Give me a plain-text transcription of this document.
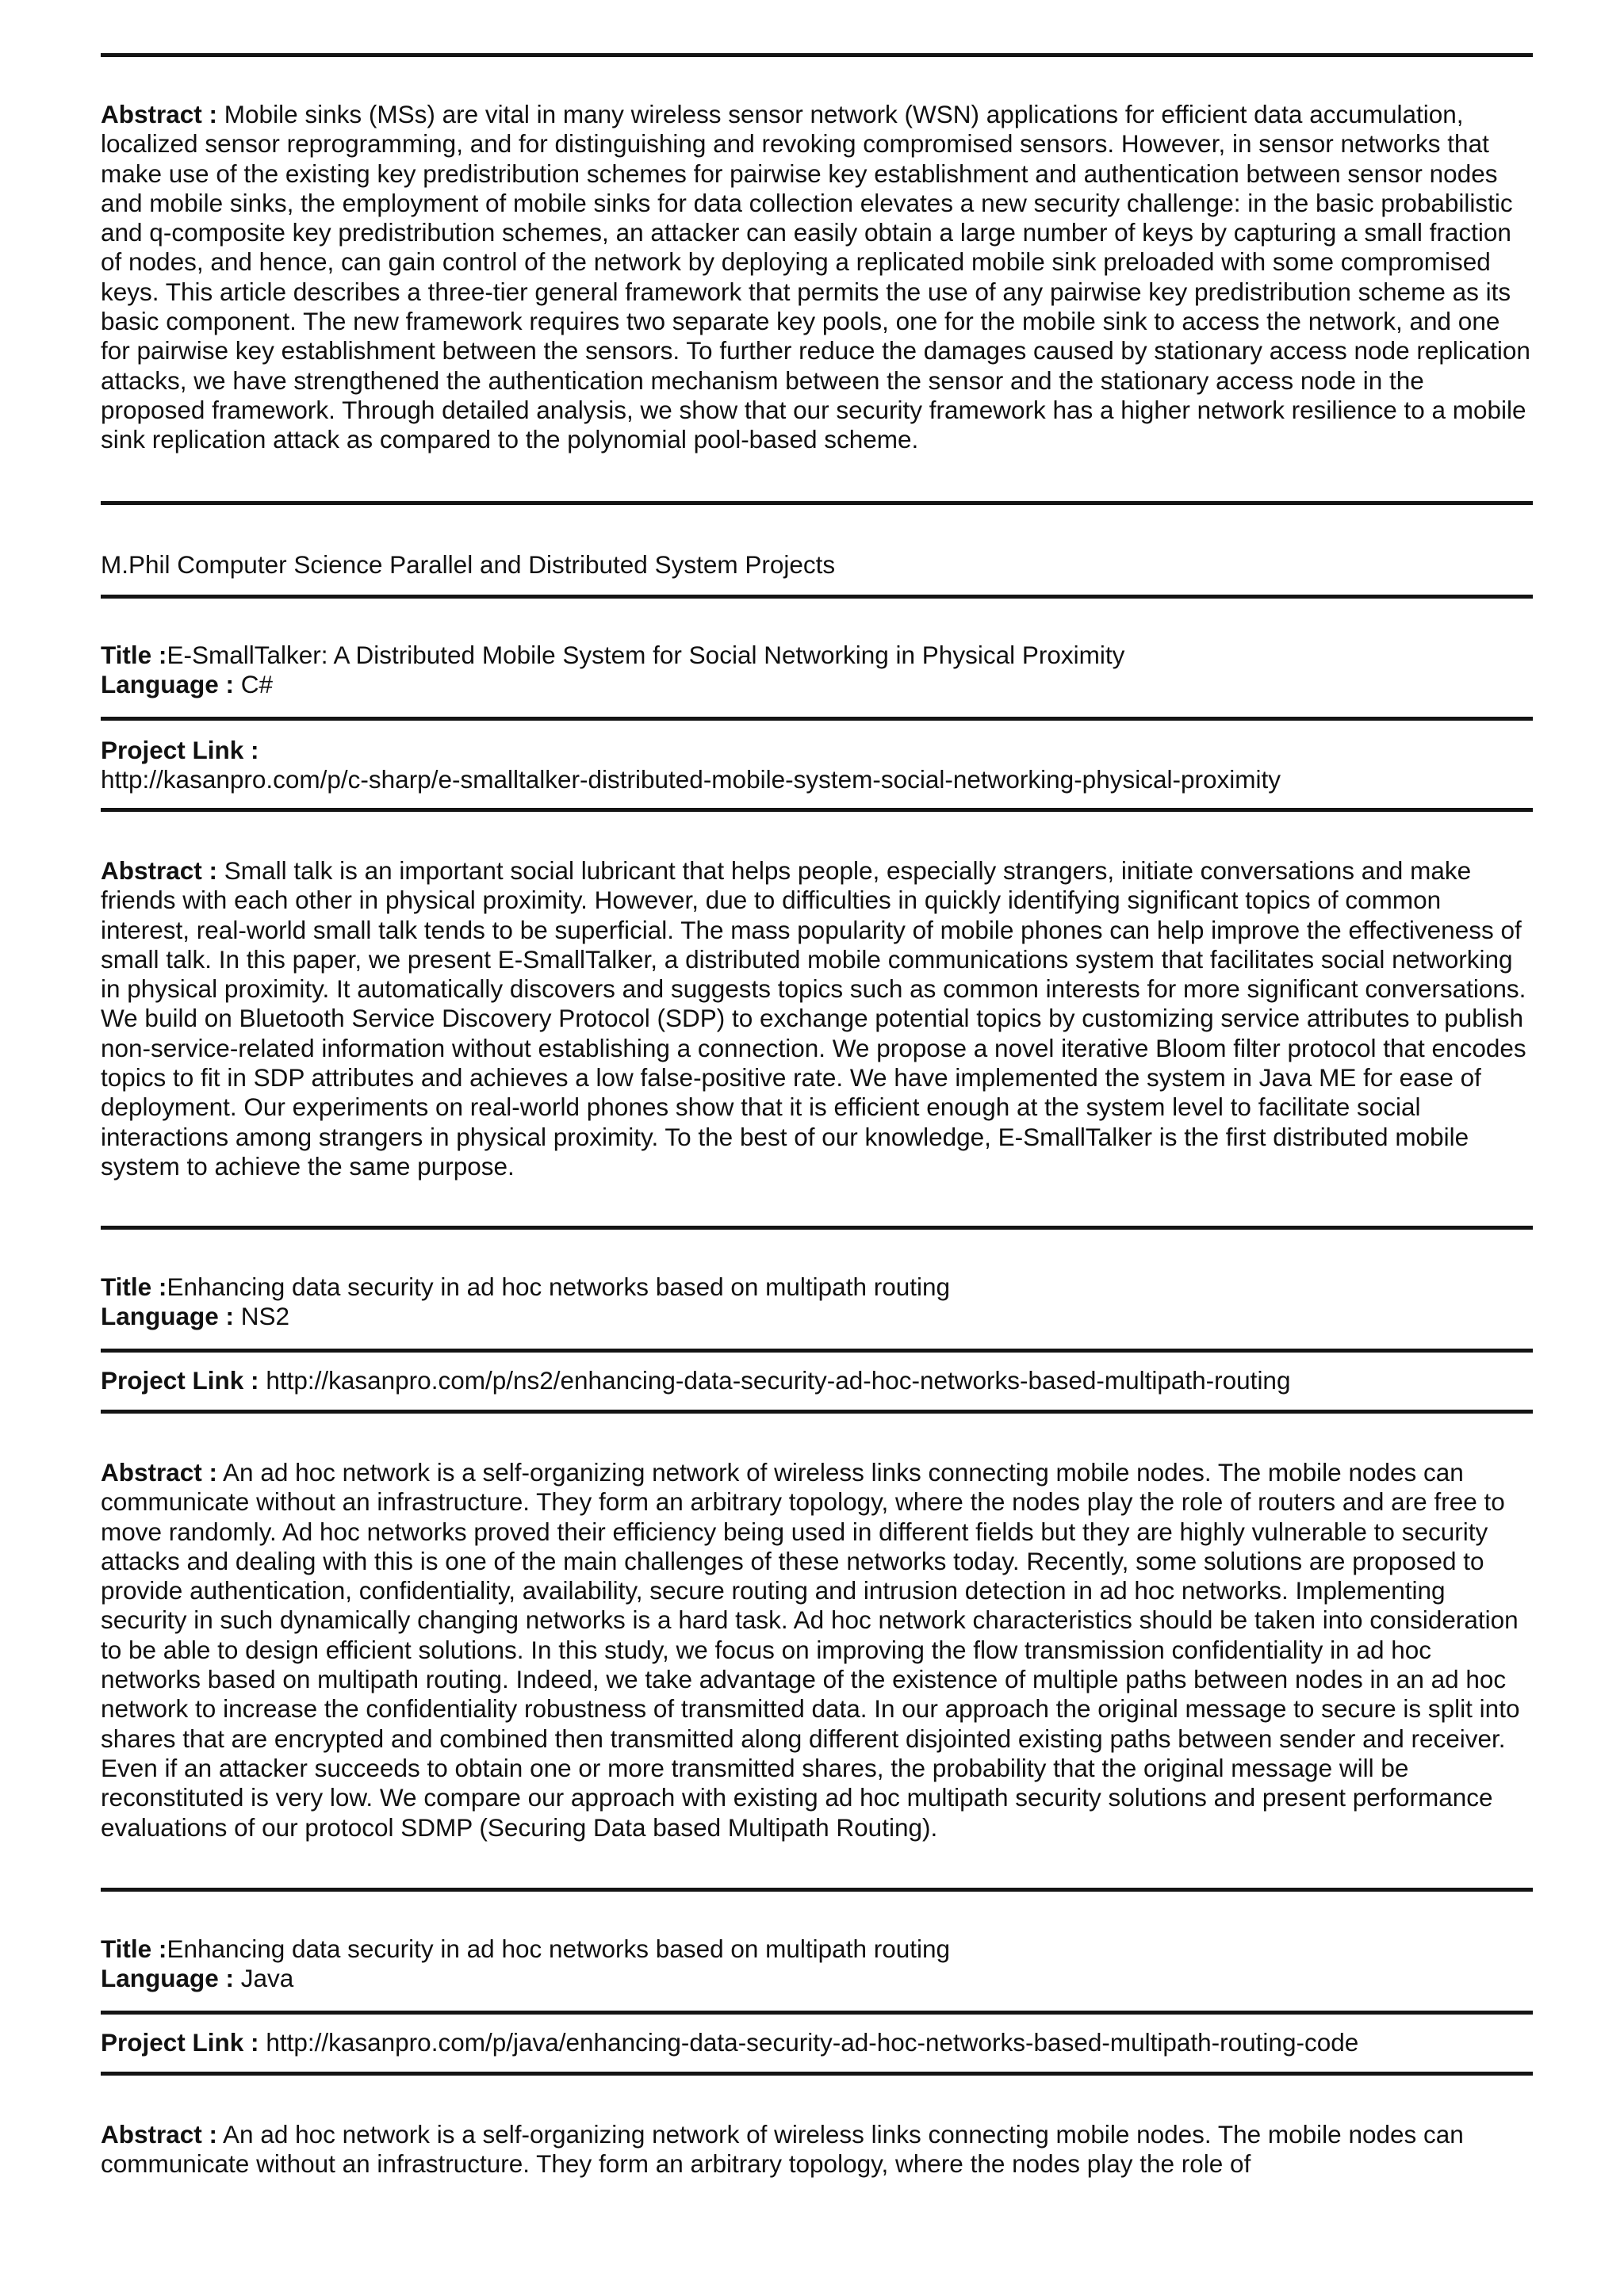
Abstract : Mobile sinks (MSs) are vital in many wireless sensor network (WSN) applications for efficient data accumulation, localized sensor reprogramming, and for distinguishing and revoking compromised sensors. However, in sensor networks that make use of the existing key predistribution schemes for pairwise key establishment and authentication between sensor nodes and mobile sinks, the employment of mobile sinks for data collection elevates a new security challenge: in the basic probabilistic and q-composite key predistribution schemes, an attacker can easily obtain a large number of keys by capturing a small fraction of nodes, and hence, can gain control of the network by deploying a replicated mobile sink preloaded with some compromised keys. This article describes a three-tier general framework that permits the use of any pairwise key predistribution scheme as its basic component. The new framework requires two separate key pools, one for the mobile sink to access the network, and one for pairwise key establishment between the sensors. To further reduce the damages caused by stationary access node replication attacks, we have strengthened the authentication mechanism between the sensor and the stationary access node in the proposed framework. Through detailed analysis, we show that our security framework has a higher network resilience to a mobile sink replication attack as compared to the polynomial pool-based scheme.
M.Phil Computer Science Parallel and Distributed System Projects
Title :E-SmallTalker: A Distributed Mobile System for Social Networking in Physical Proximity
Language : C#
Project Link :
http://kasanpro.com/p/c-sharp/e-smalltalker-distributed-mobile-system-social-networking-physical-proximity
Abstract : Small talk is an important social lubricant that helps people, especially strangers, initiate conversations and make friends with each other in physical proximity. However, due to difficulties in quickly identifying significant topics of common interest, real-world small talk tends to be superficial. The mass popularity of mobile phones can help improve the effectiveness of small talk. In this paper, we present E-SmallTalker, a distributed mobile communications system that facilitates social networking in physical proximity. It automatically discovers and suggests topics such as common interests for more significant conversations. We build on Bluetooth Service Discovery Protocol (SDP) to exchange potential topics by customizing service attributes to publish non-service-related information without establishing a connection. We propose a novel iterative Bloom filter protocol that encodes topics to fit in SDP attributes and achieves a low false-positive rate. We have implemented the system in Java ME for ease of deployment. Our experiments on real-world phones show that it is efficient enough at the system level to facilitate social interactions among strangers in physical proximity. To the best of our knowledge, E-SmallTalker is the first distributed mobile system to achieve the same purpose.
Title :Enhancing data security in ad hoc networks based on multipath routing
Language : NS2
Project Link : http://kasanpro.com/p/ns2/enhancing-data-security-ad-hoc-networks-based-multipath-routing
Abstract : An ad hoc network is a self-organizing network of wireless links connecting mobile nodes. The mobile nodes can communicate without an infrastructure. They form an arbitrary topology, where the nodes play the role of routers and are free to move randomly. Ad hoc networks proved their efficiency being used in different fields but they are highly vulnerable to security attacks and dealing with this is one of the main challenges of these networks today. Recently, some solutions are proposed to provide authentication, confidentiality, availability, secure routing and intrusion detection in ad hoc networks. Implementing security in such dynamically changing networks is a hard task. Ad hoc network characteristics should be taken into consideration to be able to design efficient solutions. In this study, we focus on improving the flow transmission confidentiality in ad hoc networks based on multipath routing. Indeed, we take advantage of the existence of multiple paths between nodes in an ad hoc network to increase the confidentiality robustness of transmitted data. In our approach the original message to secure is split into shares that are encrypted and combined then transmitted along different disjointed existing paths between sender and receiver. Even if an attacker succeeds to obtain one or more transmitted shares, the probability that the original message will be reconstituted is very low. We compare our approach with existing ad hoc multipath security solutions and present performance evaluations of our protocol SDMP (Securing Data based Multipath Routing).
Title :Enhancing data security in ad hoc networks based on multipath routing
Language : Java
Project Link : http://kasanpro.com/p/java/enhancing-data-security-ad-hoc-networks-based-multipath-routing-code
Abstract : An ad hoc network is a self-organizing network of wireless links connecting mobile nodes. The mobile nodes can communicate without an infrastructure. They form an arbitrary topology, where the nodes play the role of
